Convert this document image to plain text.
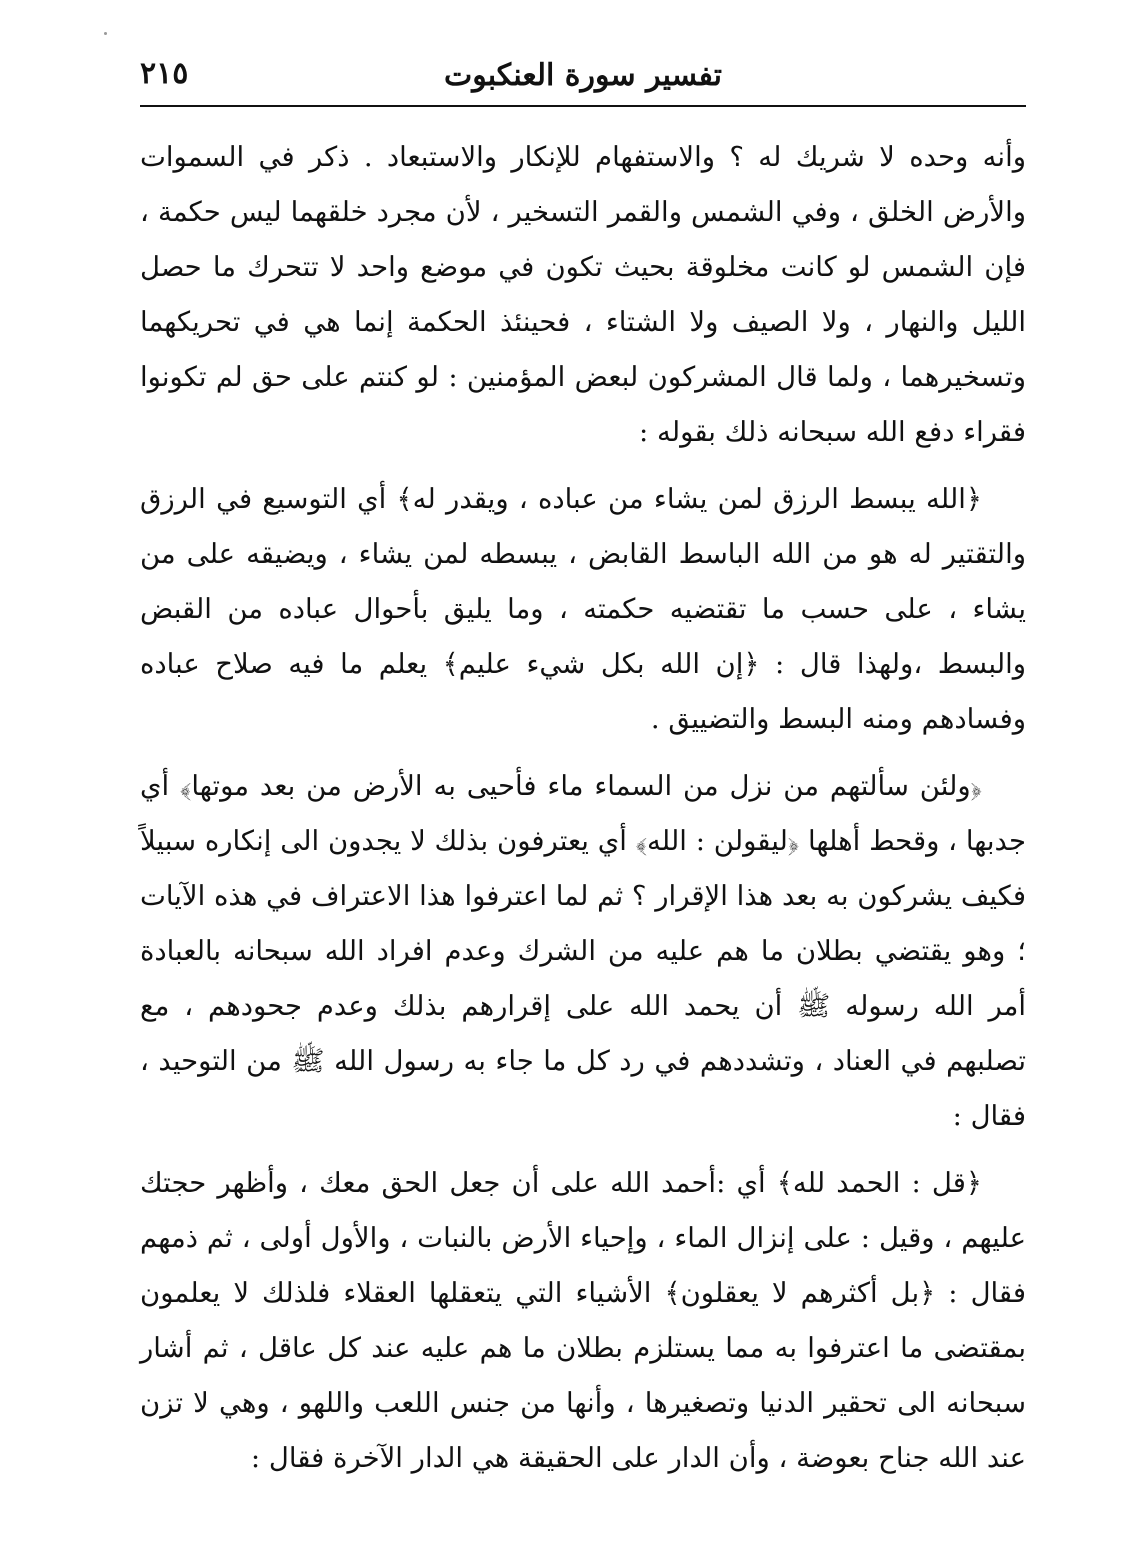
تفسير سورة العنكبوت
٢١٥

وأنه وحده لا شريك له ؟ والاستفهام للإنكار والاستبعاد . ذكر في السموات والأرض الخلق ، وفي الشمس والقمر التسخير ، لأن مجرد خلقهما ليس حكمة ، فإن الشمس لو كانت مخلوقة بحيث تكون في موضع واحد لا تتحرك ما حصل الليل والنهار ، ولا الصيف ولا الشتاء ، فحينئذ الحكمة إنما هي في تحريكهما وتسخيرهما ، ولما قال المشركون لبعض المؤمنين : لو كنتم على حق لم تكونوا فقراء دفع الله سبحانه ذلك بقوله :

﴿الله يبسط الرزق لمن يشاء من عباده ، ويقدر له﴾ أي التوسيع في الرزق والتقتير له هو من الله الباسط القابض ، يبسطه لمن يشاء ، ويضيقه على من يشاء ، على حسب ما تقتضيه حكمته ، وما يليق بأحوال عباده من القبض والبسط ،ولهذا قال : ﴿إن الله بكل شيء عليم﴾ يعلم ما فيه صلاح عباده وفسادهم ومنه البسط والتضييق .

﴿ولئن سألتهم من نزل من السماء ماء فأحيى به الأرض من بعد موتها﴾ أي جدبها ، وقحط أهلها ﴿ليقولن : الله﴾ أي يعترفون بذلك لا يجدون الى إنكاره سبيلاً فكيف يشركون به بعد هذا الإقرار ؟ ثم لما اعترفوا هذا الاعتراف في هذه الآيات ؛ وهو يقتضي بطلان ما هم عليه من الشرك وعدم افراد الله سبحانه بالعبادة أمر الله رسوله ﷺ أن يحمد الله على إقرارهم بذلك وعدم جحودهم ، مع تصلبهم في العناد ، وتشددهم في رد كل ما جاء به رسول الله ﷺ من التوحيد ، فقال :

﴿قل : الحمد لله﴾ أي :أحمد الله على أن جعل الحق معك ، وأظهر حجتك عليهم ، وقيل : على إنزال الماء ، وإحياء الأرض بالنبات ، والأول أولى ، ثم ذمهم فقال : ﴿بل أكثرهم لا يعقلون﴾ الأشياء التي يتعقلها العقلاء فلذلك لا يعلمون بمقتضى ما اعترفوا به مما يستلزم بطلان ما هم عليه عند كل عاقل ، ثم أشار سبحانه الى تحقير الدنيا وتصغيرها ، وأنها من جنس اللعب واللهو ، وهي لا تزن عند الله جناح بعوضة ، وأن الدار على الحقيقة هي الدار الآخرة فقال :
